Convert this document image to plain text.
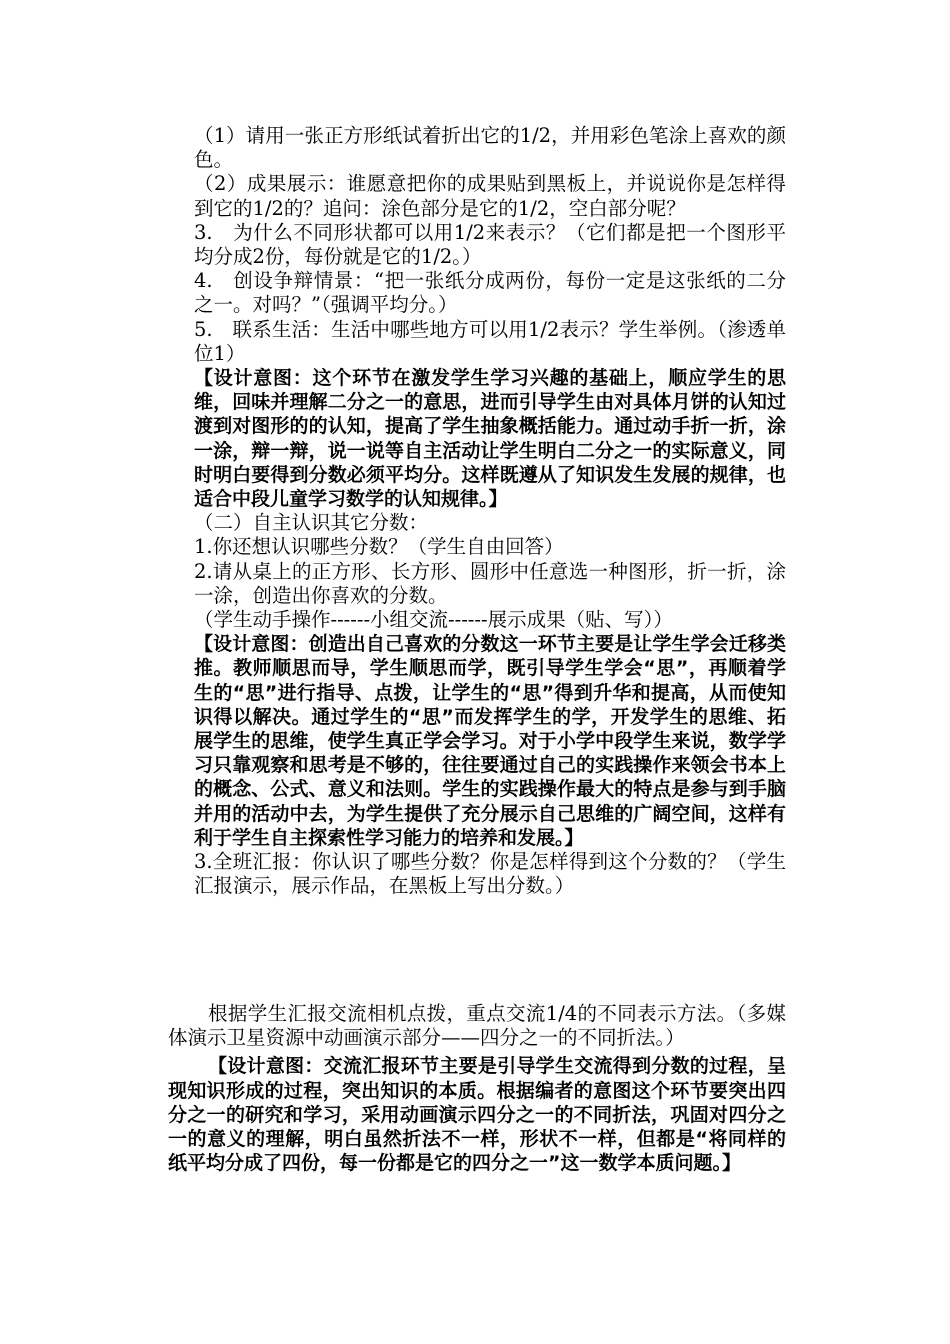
（1）请用一张正方形纸试着折出它的1/2，并用彩色笔涂上喜欢的颜色。

（2）成果展示：谁愿意把你的成果贴到黑板上，并说说你是怎样得到它的1/2的？追问：涂色部分是它的1/2，空白部分呢？

3.　为什么不同形状都可以用1/2来表示？（它们都是把一个图形平均分成2份，每份就是它的1/2。）

4.　创设争辩情景：“把一张纸分成两份，每份一定是这张纸的二分之一。对吗？”（强调平均分。）

5.　联系生活：生活中哪些地方可以用1/2表示？学生举例。（渗透单位1）

【设计意图：这个环节在激发学生学习兴趣的基础上，顺应学生的思维，回味并理解二分之一的意思，进而引导学生由对具体月饼的认知过渡到对图形的的认知，提高了学生抽象概括能力。通过动手折一折，涂一涂，辩一辩，说一说等自主活动让学生明白二分之一的实际意义，同时明白要得到分数必须平均分。这样既遵从了知识发生发展的规律，也适合中段儿童学习数学的认知规律。】

（二）自主认识其它分数：

1.你还想认识哪些分数？（学生自由回答）

2.请从桌上的正方形、长方形、圆形中任意选一种图形，折一折，涂一涂，创造出你喜欢的分数。

（学生动手操作------小组交流------展示成果（贴、写））

【设计意图：创造出自己喜欢的分数这一环节主要是让学生学会迁移类推。教师顺思而导，学生顺思而学，既引导学生学会“思”，再顺着学生的“思”进行指导、点拨，让学生的“思”得到升华和提高，从而使知识得以解决。通过学生的“思”而发挥学生的学，开发学生的思维、拓展学生的思维，使学生真正学会学习。对于小学中段学生来说，数学学习只靠观察和思考是不够的，往往要通过自己的实践操作来领会书本上的概念、公式、意义和法则。学生的实践操作最大的特点是参与到手脑并用的活动中去，为学生提供了充分展示自己思维的广阔空间，这样有利于学生自主探索性学习能力的培养和发展。】

3.全班汇报：你认识了哪些分数？你是怎样得到这个分数的？（学生汇报演示，展示作品，在黑板上写出分数。）

根据学生汇报交流相机点拨，重点交流1/4的不同表示方法。（多媒体演示卫星资源中动画演示部分——四分之一的不同折法。）

【设计意图：交流汇报环节主要是引导学生交流得到分数的过程，呈现知识形成的过程，突出知识的本质。根据编者的意图这个环节要突出四分之一的研究和学习，采用动画演示四分之一的不同折法，巩固对四分之一的意义的理解，明白虽然折法不一样，形状不一样，但都是“将同样的纸平均分成了四份，每一份都是它的四分之一”这一数学本质问题。】
